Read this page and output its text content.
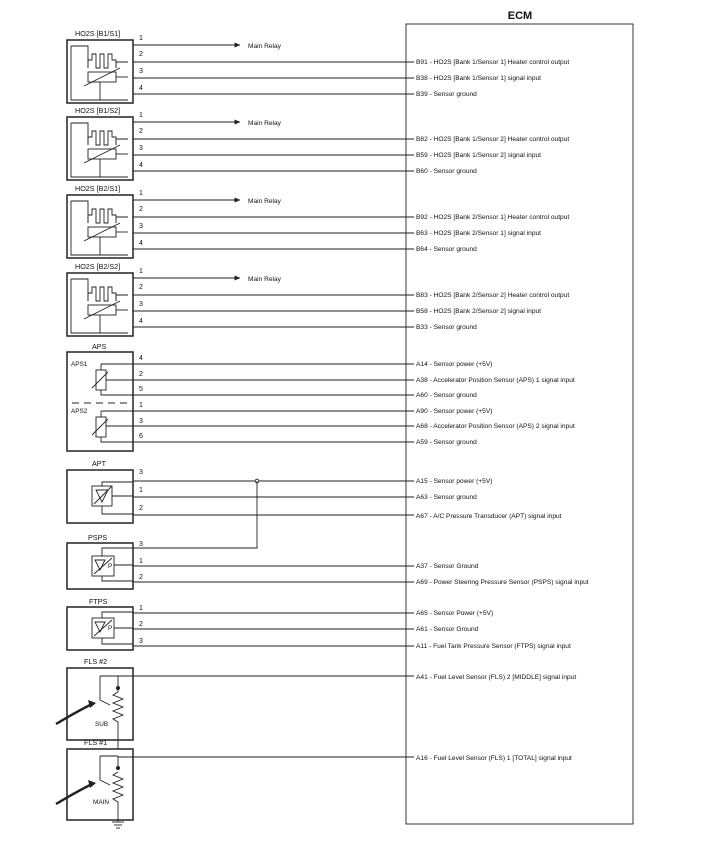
ECM
HO2S [B1/S1]
1
2
3
4
Main Relay
B91 - HO2S [Bank 1/Sensor 1] Heater control output
B38 - HO2S [Bank 1/Sensor 1] signal input
B39 - Sensor ground
HO2S [B1/S2]
1
2
3
4
Main Relay
B82 - HO2S [Bank 1/Sensor 2] Heater control output
B59 - HO2S [Bank 1/Sensor 2] signal input
B60 - Sensor ground
HO2S [B2/S1]
1
2
3
4
Main Relay
B92 - HO2S [Bank 2/Sensor 1] Heater control output
B63 - HO2S [Bank 2/Sensor 1] signal input
B64 - Sensor ground
HO2S [B2/S2]
1
2
3
4
Main Relay
B83 - HO2S [Bank 2/Sensor 2] Heater control output
B58 - HO2S [Bank 2/Sensor 2] signal input
B33 - Sensor ground
APS
APS1
APS2
4
2
5
1
3
6
A14 - Sensor power (+5V)
A38 - Accelerator Position Sensor (APS) 1 signal input
A60 - Sensor ground
A90 - Sensor power (+5V)
A68 - Accelerator Position Sensor (APS) 2 signal input
A59 - Sensor ground
APT
3
1
2
A15 - Sensor power (+5V)
A63 - Sensor ground
A67 - A/C Pressure Transducer (APT) signal input
PSPS
P
3
1
2
A37 - Sensor Ground
A69 - Power Steering Pressure Sensor (PSPS) signal input
FTPS
P
1
2
3
A65 - Sensor Power (+5V)
A61 - Sensor Ground
A11 - Fuel Tank Pressure Sensor (FTPS) signal input
FLS #2
SUB
A41 - Fuel Level Sensor (FLS) 2 [MIDDLE] signal input
FLS #1
MAIN
A16 - Fuel Level Sensor (FLS) 1 [TOTAL] signal input
